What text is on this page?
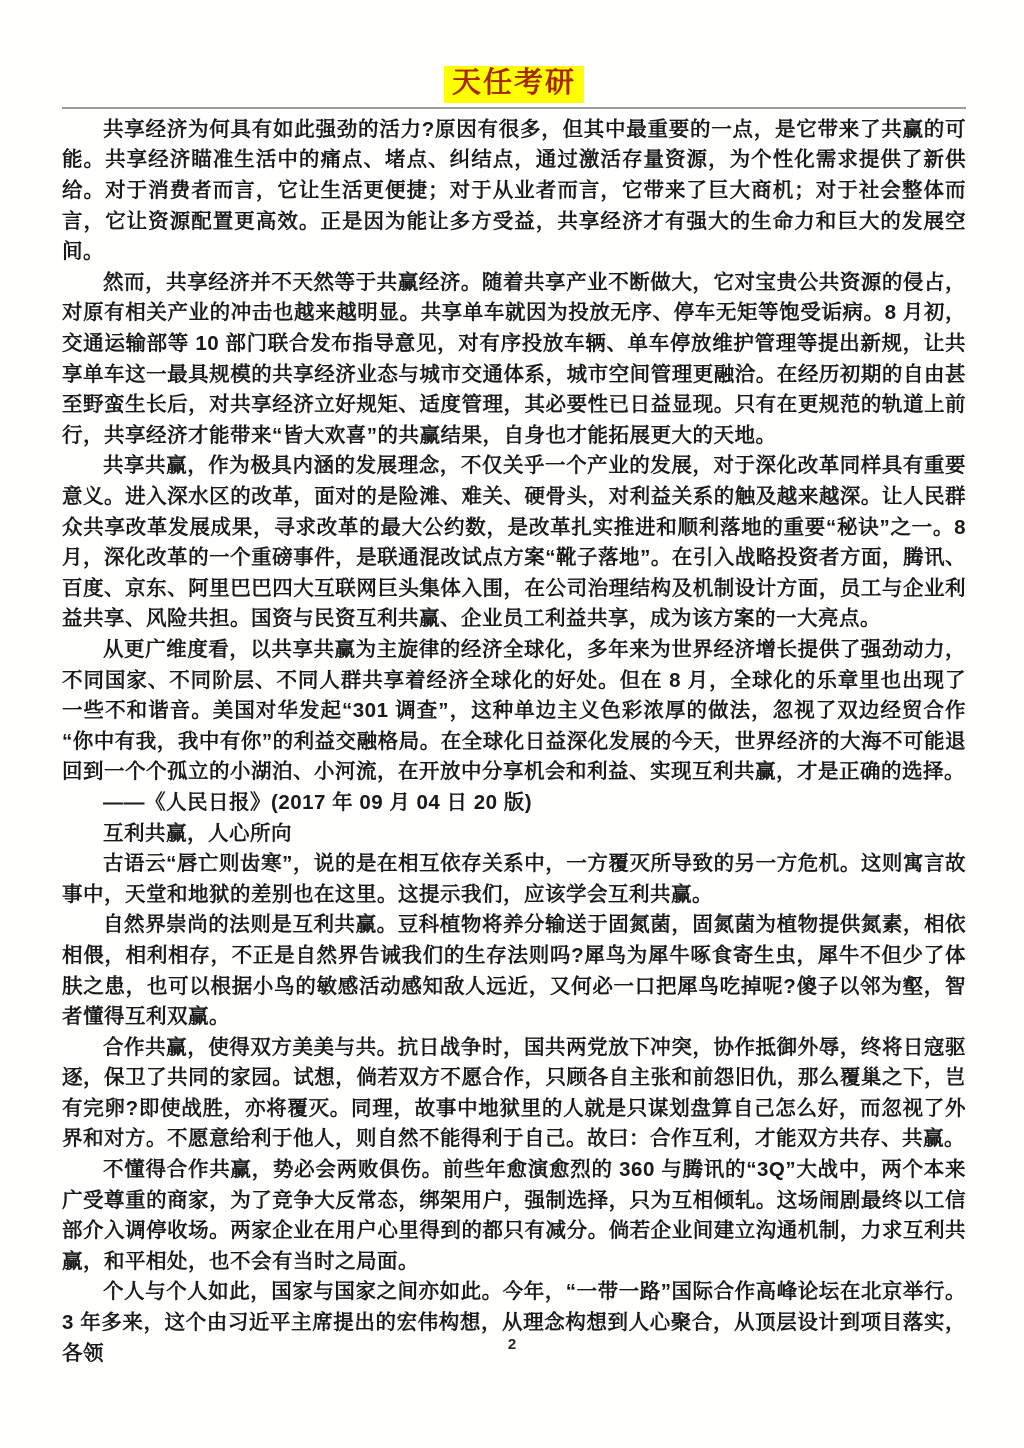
天任考研

共享经济为何具有如此强劲的活力?原因有很多，但其中最重要的一点，是它带来了共赢的可能。共享经济瞄准生活中的痛点、堵点、纠结点，通过激活存量资源，为个性化需求提供了新供给。对于消费者而言，它让生活更便捷；对于从业者而言，它带来了巨大商机；对于社会整体而言，它让资源配置更高效。正是因为能让多方受益，共享经济才有强大的生命力和巨大的发展空间。

然而，共享经济并不天然等于共赢经济。随着共享产业不断做大，它对宝贵公共资源的侵占，对原有相关产业的冲击也越来越明显。共享单车就因为投放无序、停车无矩等饱受诟病。8 月初，交通运输部等 10 部门联合发布指导意见，对有序投放车辆、单车停放维护管理等提出新规，让共享单车这一最具规模的共享经济业态与城市交通体系，城市空间管理更融洽。在经历初期的自由甚至野蛮生长后，对共享经济立好规矩、适度管理，其必要性已日益显现。只有在更规范的轨道上前行，共享经济才能带来“皆大欢喜”的共赢结果，自身也才能拓展更大的天地。

共享共赢，作为极具内涵的发展理念，不仅关乎一个产业的发展，对于深化改革同样具有重要意义。进入深水区的改革，面对的是险滩、难关、硬骨头，对利益关系的触及越来越深。让人民群众共享改革发展成果，寻求改革的最大公约数，是改革扎实推进和顺利落地的重要“秘诀”之一。8 月，深化改革的一个重磅事件，是联通混改试点方案“靴子落地”。在引入战略投资者方面，腾讯、百度、京东、阿里巴巴四大互联网巨头集体入围，在公司治理结构及机制设计方面，员工与企业利益共享、风险共担。国资与民资互利共赢、企业员工利益共享，成为该方案的一大亮点。

从更广维度看，以共享共赢为主旋律的经济全球化，多年来为世界经济增长提供了强劲动力，不同国家、不同阶层、不同人群共享着经济全球化的好处。但在 8 月，全球化的乐章里也出现了一些不和谐音。美国对华发起“301 调查”，这种单边主义色彩浓厚的做法，忽视了双边经贸合作“你中有我，我中有你”的利益交融格局。在全球化日益深化发展的今天，世界经济的大海不可能退回到一个个孤立的小湖泊、小河流，在开放中分享机会和利益、实现互利共赢，才是正确的选择。

——《人民日报》(2017 年 09 月 04 日 20 版)

互利共赢，人心所向

古语云“唇亡则齿寒”，说的是在相互依存关系中，一方覆灭所导致的另一方危机。这则寓言故事中，天堂和地狱的差别也在这里。这提示我们，应该学会互利共赢。

自然界崇尚的法则是互利共赢。豆科植物将养分输送于固氮菌，固氮菌为植物提供氮素，相依相偎，相利相存，不正是自然界告诫我们的生存法则吗?犀鸟为犀牛啄食寄生虫，犀牛不但少了体肤之患，也可以根据小鸟的敏感活动感知敌人远近，又何必一口把犀鸟吃掉呢?傻子以邻为壑，智者懂得互利双赢。

合作共赢，使得双方美美与共。抗日战争时，国共两党放下冲突，协作抵御外辱，终将日寇驱逐，保卫了共同的家园。试想，倘若双方不愿合作，只顾各自主张和前怨旧仇，那么覆巢之下，岂有完卵?即使战胜，亦将覆灭。同理，故事中地狱里的人就是只谋划盘算自己怎么好，而忽视了外界和对方。不愿意给利于他人，则自然不能得利于自己。故曰：合作互利，才能双方共存、共赢。

不懂得合作共赢，势必会两败俱伤。前些年愈演愈烈的 360 与腾讯的“3Q”大战中，两个本来广受尊重的商家，为了竞争大反常态，绑架用户，强制选择，只为互相倾轧。这场闹剧最终以工信部介入调停收场。两家企业在用户心里得到的都只有减分。倘若企业间建立沟通机制，力求互利共赢，和平相处，也不会有当时之局面。

个人与个人如此，国家与国家之间亦如此。今年，“一带一路”国际合作高峰论坛在北京举行。3 年多来，这个由习近平主席提出的宏伟构想，从理念构想到人心聚合，从顶层设计到项目落实，各领	2
